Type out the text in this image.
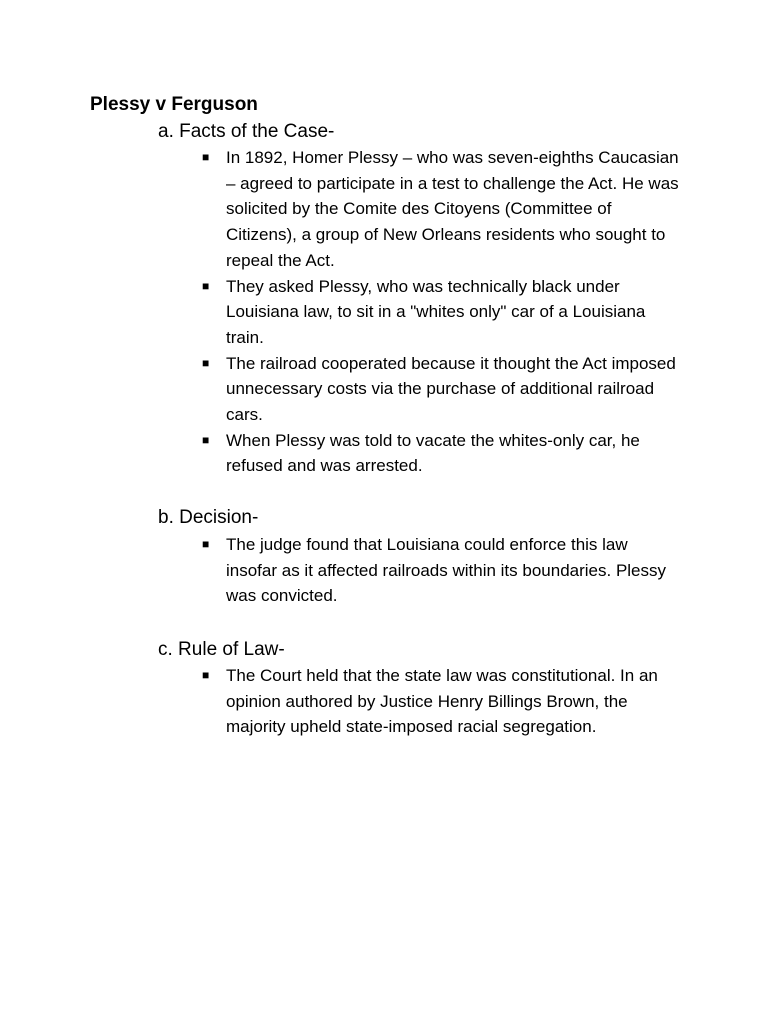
Plessy v Ferguson
a. Facts of the Case-
■ In 1892, Homer Plessy – who was seven-eighths Caucasian – agreed to participate in a test to challenge the Act. He was solicited by the Comite des Citoyens (Committee of Citizens), a group of New Orleans residents who sought to repeal the Act.
■ They asked Plessy, who was technically black under Louisiana law, to sit in a "whites only" car of a Louisiana train.
■ The railroad cooperated because it thought the Act imposed unnecessary costs via the purchase of additional railroad cars.
■ When Plessy was told to vacate the whites-only car, he refused and was arrested.
b. Decision-
■ The judge found that Louisiana could enforce this law insofar as it affected railroads within its boundaries. Plessy was convicted.
c. Rule of Law-
■ The Court held that the state law was constitutional. In an opinion authored by Justice Henry Billings Brown, the majority upheld state-imposed racial segregation.
